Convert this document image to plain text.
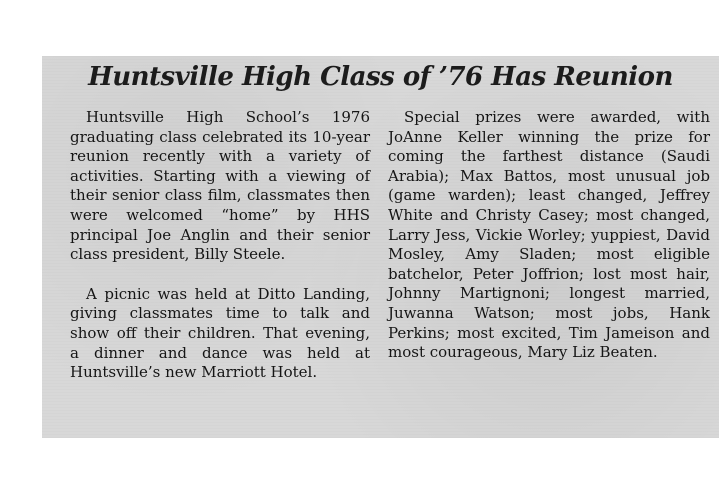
Huntsville High Class of ’76 Has Reunion

Huntsville High School’s 1976 graduating class celebrated its 10-year reunion recently with a variety of activities. Starting with a viewing of their senior class film, classmates then were welcomed “home” by HHS principal Joe Anglin and their senior class president, Billy Steele.

A picnic was held at Ditto Landing, giving classmates time to talk and show off their children. That evening, a dinner and dance was held at Huntsville’s new Marriott Hotel.

Special prizes were awarded, with JoAnne Keller winning the prize for coming the farthest distance (Saudi Arabia); Max Battos, most unusual job (game warden); least changed, Jeffrey White and Christy Casey; most changed, Larry Jess, Vickie Worley; yuppiest, David Mosley, Amy Sladen; most eligible batchelor, Peter Joffrion; lost most hair, Johnny Martignoni; longest married, Juwanna Watson; most jobs, Hank Perkins; most excited, Tim Jameison and most courageous, Mary Liz Beaten.
